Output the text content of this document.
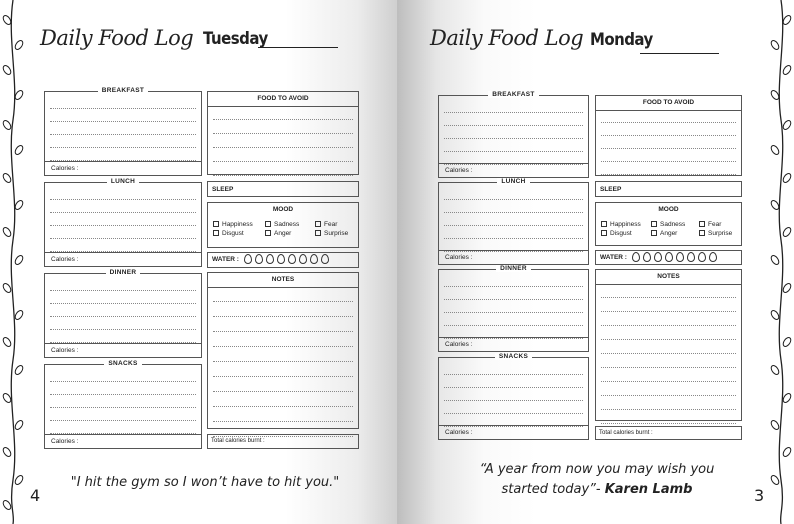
Daily Food Log Tuesday
BREAKFAST
Calories :
LUNCH
Calories :
DINNER
Calories :
SNACKS
Calories :
FOOD TO AVOID
SLEEP
MOOD
Happiness	Sadness	Fear
Disgust	Anger	Surprise
WATER :
NOTES
Total calories burnt :
"I hit the gym so I won’t have to hit you."
4
Daily Food Log Monday
BREAKFAST
Calories :
LUNCH
Calories :
DINNER
Calories :
SNACKS
Calories :
FOOD TO AVOID
SLEEP
MOOD
Happiness	Sadness	Fear
Disgust	Anger	Surprise
WATER :
NOTES
Total calories burnt :
“A year from now you may wish you
started today”- Karen Lamb	3
